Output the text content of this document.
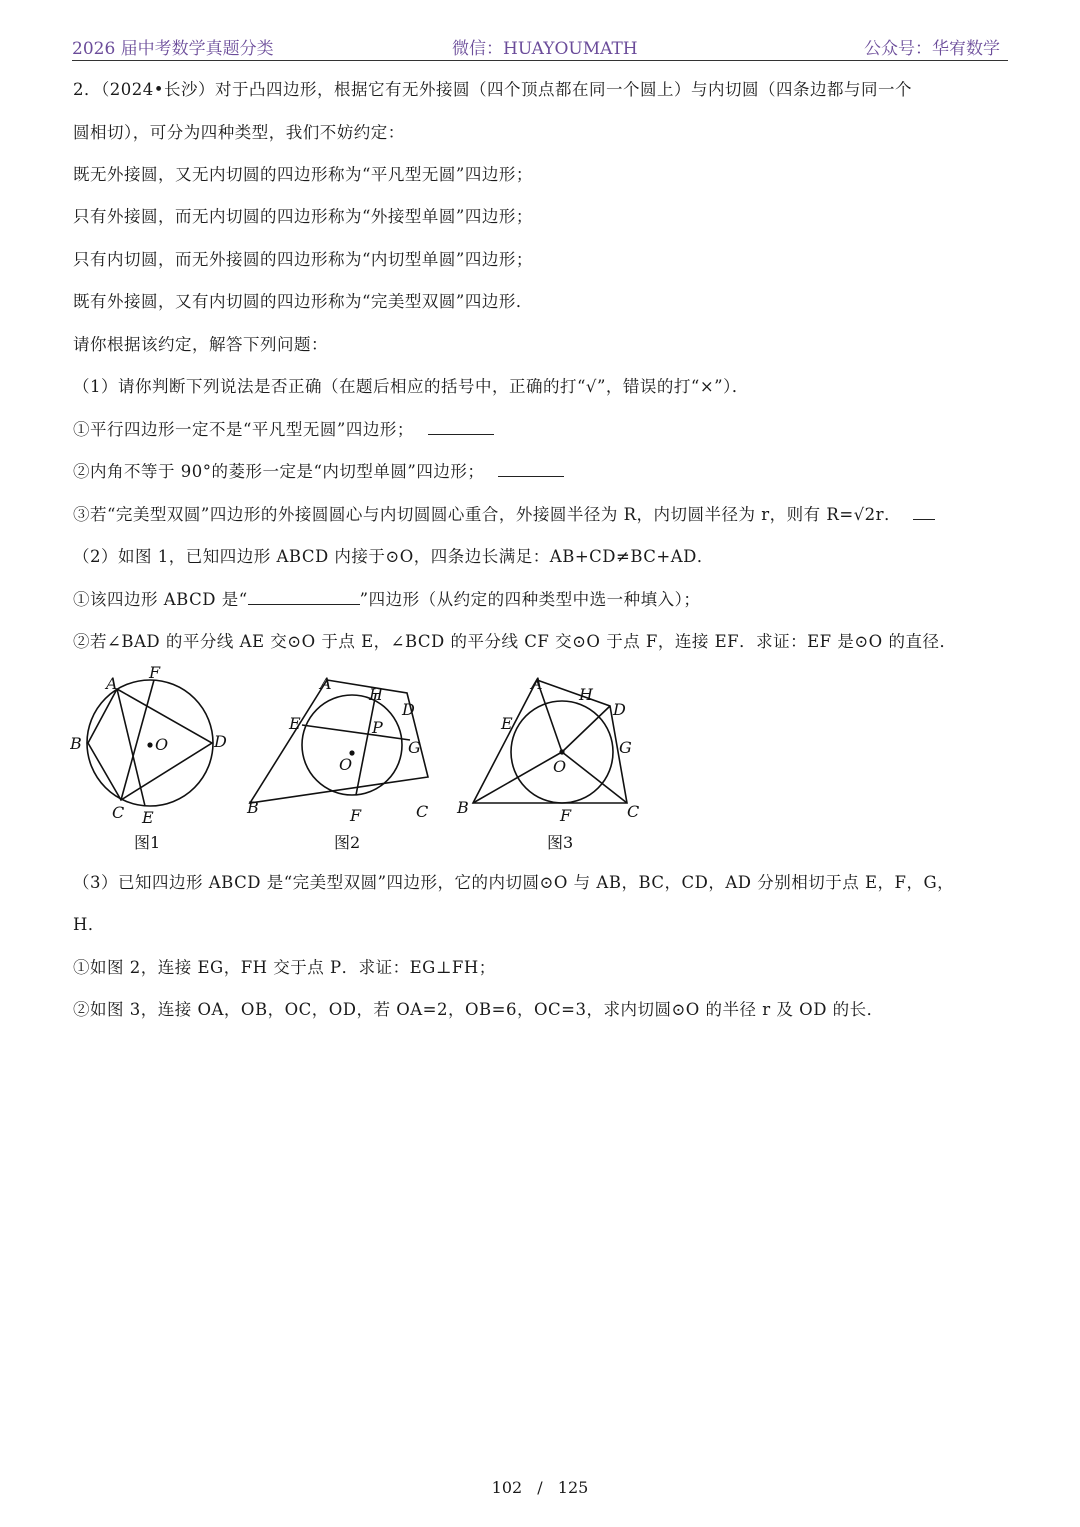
2026 届中考数学真题分类	微信：HUAYOUMATH	公众号：华宥数学
2．（2024•长沙）对于凸四边形，根据它有无外接圆（四个顶点都在同一个圆上）与内切圆（四条边都与同一个
圆相切），可分为四种类型，我们不妨约定：
既无外接圆，又无内切圆的四边形称为“平凡型无圆”四边形；
只有外接圆，而无内切圆的四边形称为“外接型单圆”四边形；
只有内切圆，而无外接圆的四边形称为“内切型单圆”四边形；
既有外接圆，又有内切圆的四边形称为“完美型双圆”四边形．
请你根据该约定，解答下列问题：
（1）请你判断下列说法是否正确（在题后相应的括号中，正确的打“√”，错误的打“×”）．
①平行四边形一定不是“平凡型无圆”四边形；
②内角不等于 90°的菱形一定是“内切型单圆”四边形；
③若“完美型双圆”四边形的外接圆圆心与内切圆圆心重合，外接圆半径为 R，内切圆半径为 r，则有 R=√2r．
（2）如图 1，已知四边形 ABCD 内接于⊙O，四条边长满足：AB+CD≠BC+AD．
①该四边形 ABCD 是“	”四边形（从约定的四种类型中选一种填入）；
②若∠BAD 的平分线 AE 交⊙O 于点 E，∠BCD 的平分线 CF 交⊙O 于点 F，连接 EF．求证：EF 是⊙O 的直径．
A
F
B	O	D
C E
图1
A
H
D
E	P
G
O
B	F	C
图2
A
H
D
E
G
O
B	F	C
图3
（3）已知四边形 ABCD 是“完美型双圆”四边形，它的内切圆⊙O 与 AB，BC，CD，AD 分别相切于点 E，F，G，
H．
①如图 2，连接 EG，FH 交于点 P．求证：EG⊥FH；
②如图 3，连接 OA，OB，OC，OD，若 OA=2，OB=6，OC=3，求内切圆⊙O 的半径 r 及 OD 的长．
102 / 125
